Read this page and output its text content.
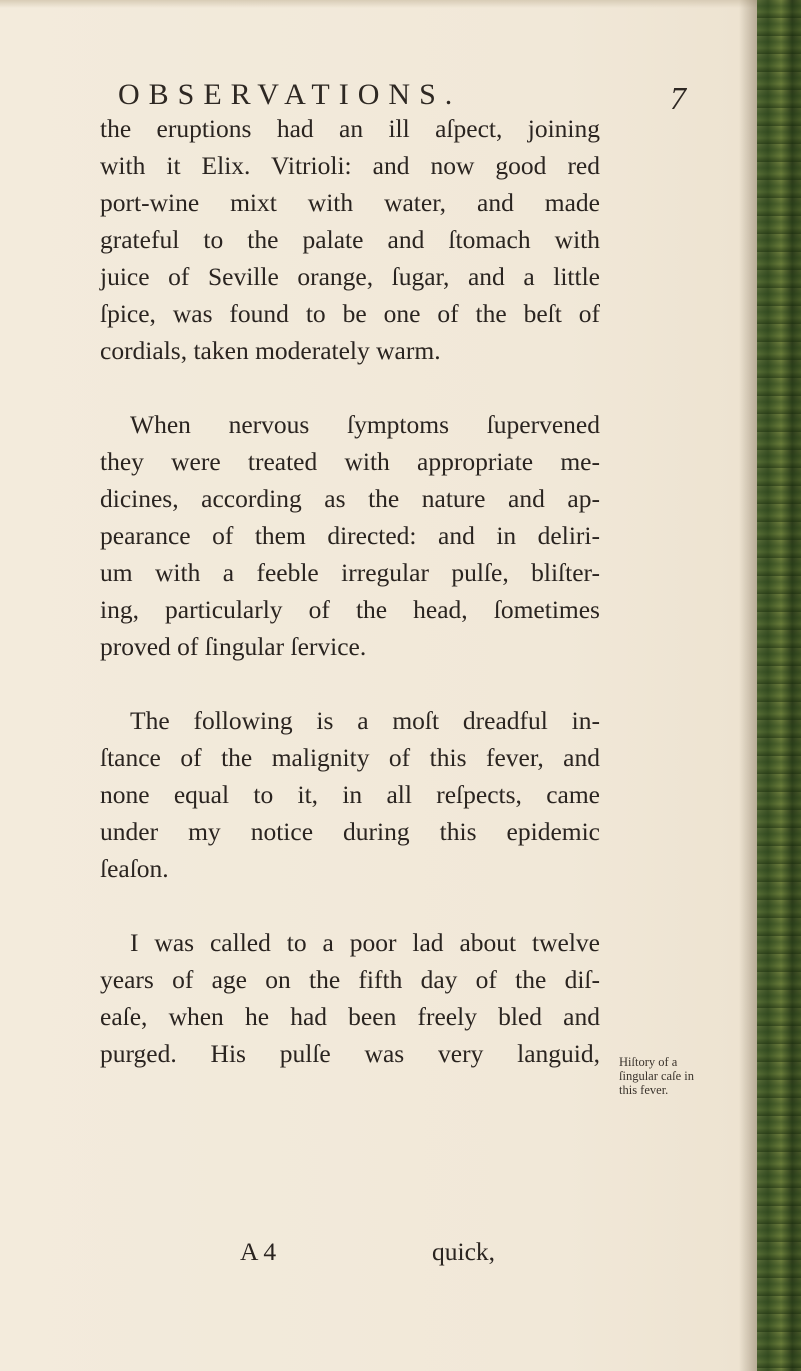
OBSERVATIONS.	7

the eruptions had an ill aſpect, joining
with it Elix. Vitrioli: and now good red
port-wine mixt with water, and made
grateful to the palate and ſtomach with
juice of Seville orange, ſugar, and a little
ſpice, was found to be one of the beſt of
cordials, taken moderately warm.

When nervous ſymptoms ſupervened
they were treated with appropriate me-
dicines, according as the nature and ap-
pearance of them directed: and in deliri-
um with a feeble irregular pulſe, bliſter-
ing, particularly of the head, ſometimes
proved of ſingular ſervice.

The following is a moſt dreadful in-
ſtance of the malignity of this fever, and
none equal to it, in all reſpects, came
under my notice during this epidemic
ſeaſon.

I was called to a poor lad about twelve
years of age on the fifth day of the diſ-
eaſe, when he had been freely bled and
purged. His pulſe was very languid, Hiſtory of a
ſingular caſe in
this fever.
A 4	quick,
